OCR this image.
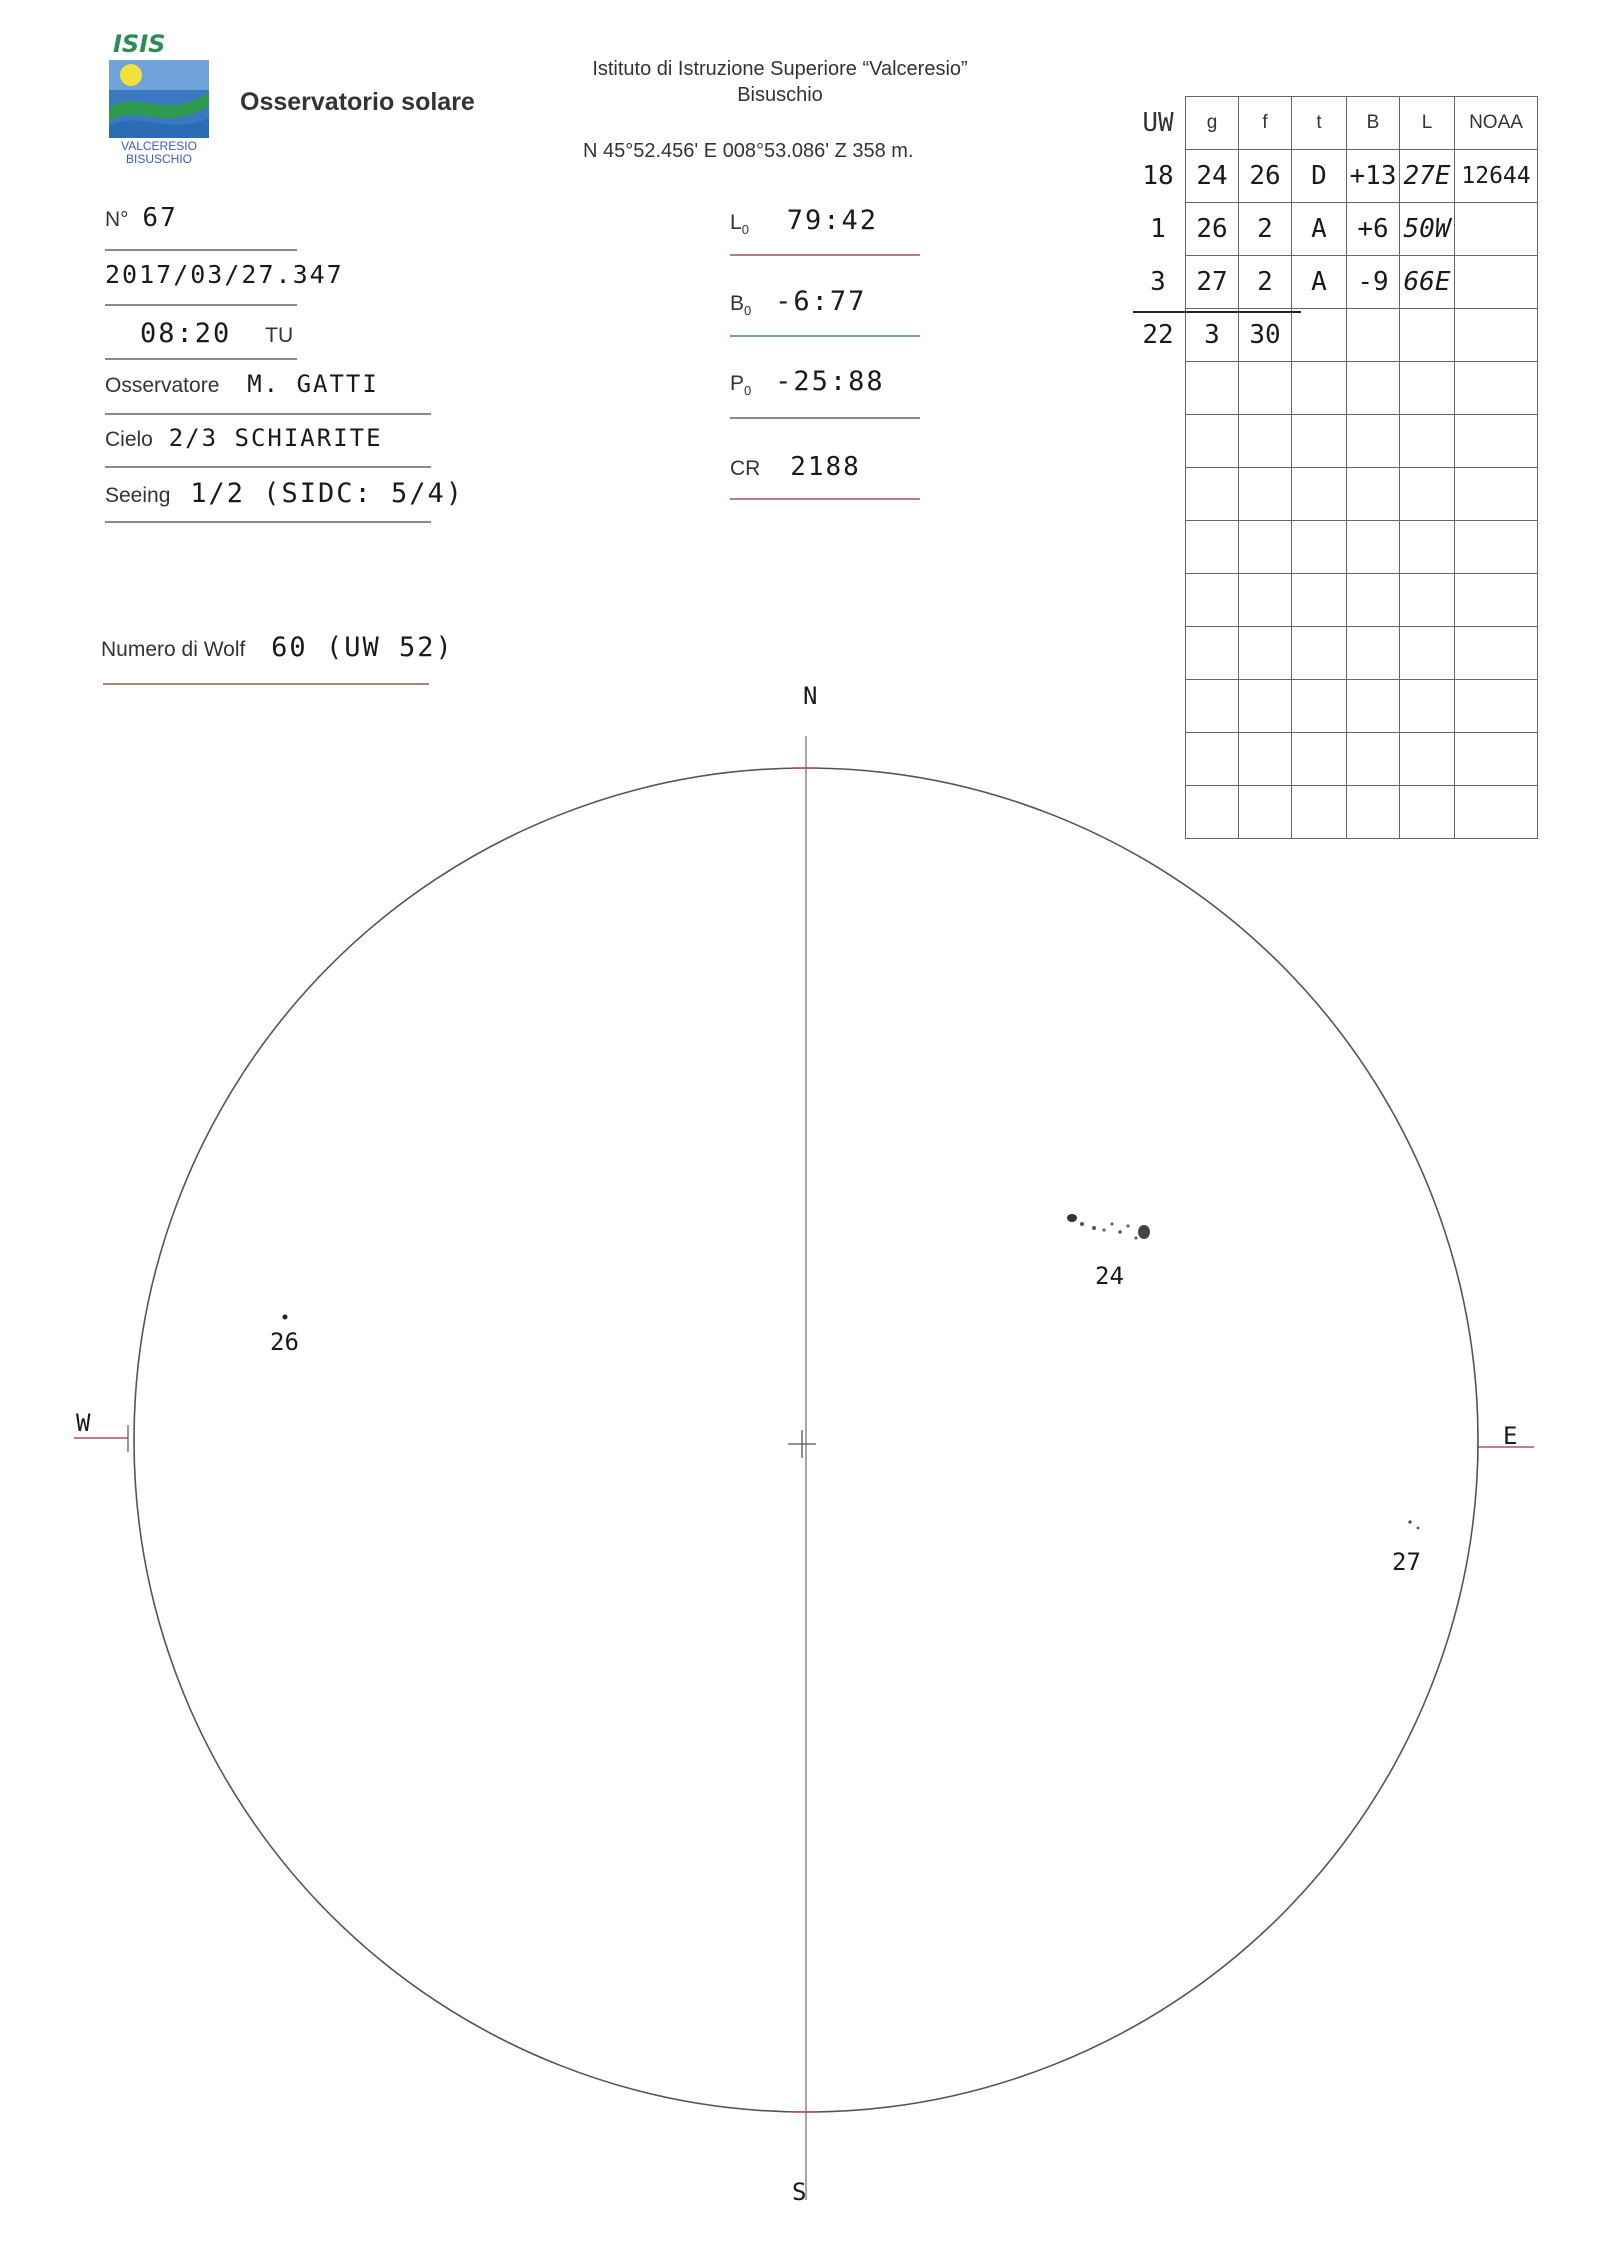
ISIS
VALCERESIO
BISUSCHIO
Osservatorio solare
Istituto di Istruzione Superiore “Valceresio”
Bisuschio
N 45°52.456' E 008°53.086' Z 358 m.
N° 67
2017/03/27.347
08:20 TU
Osservatore M. GATTI
Cielo 2/3 SCHIARITE
Seeing 1/2 (SIDC: 5/4)
Numero di Wolf 60 (UW 52)
$L_0$ 79:42
$B_0$ -6:77
$P_0$ -25:88
CR 2188
UW	g	f	t	B	L	NOAA
18	24	26	D	+13	27E	12644
1	26	2	A	+6	50W	
3	27	2	A	-9	66E	
22	3	30				

N
S
E
W
24
26
27
